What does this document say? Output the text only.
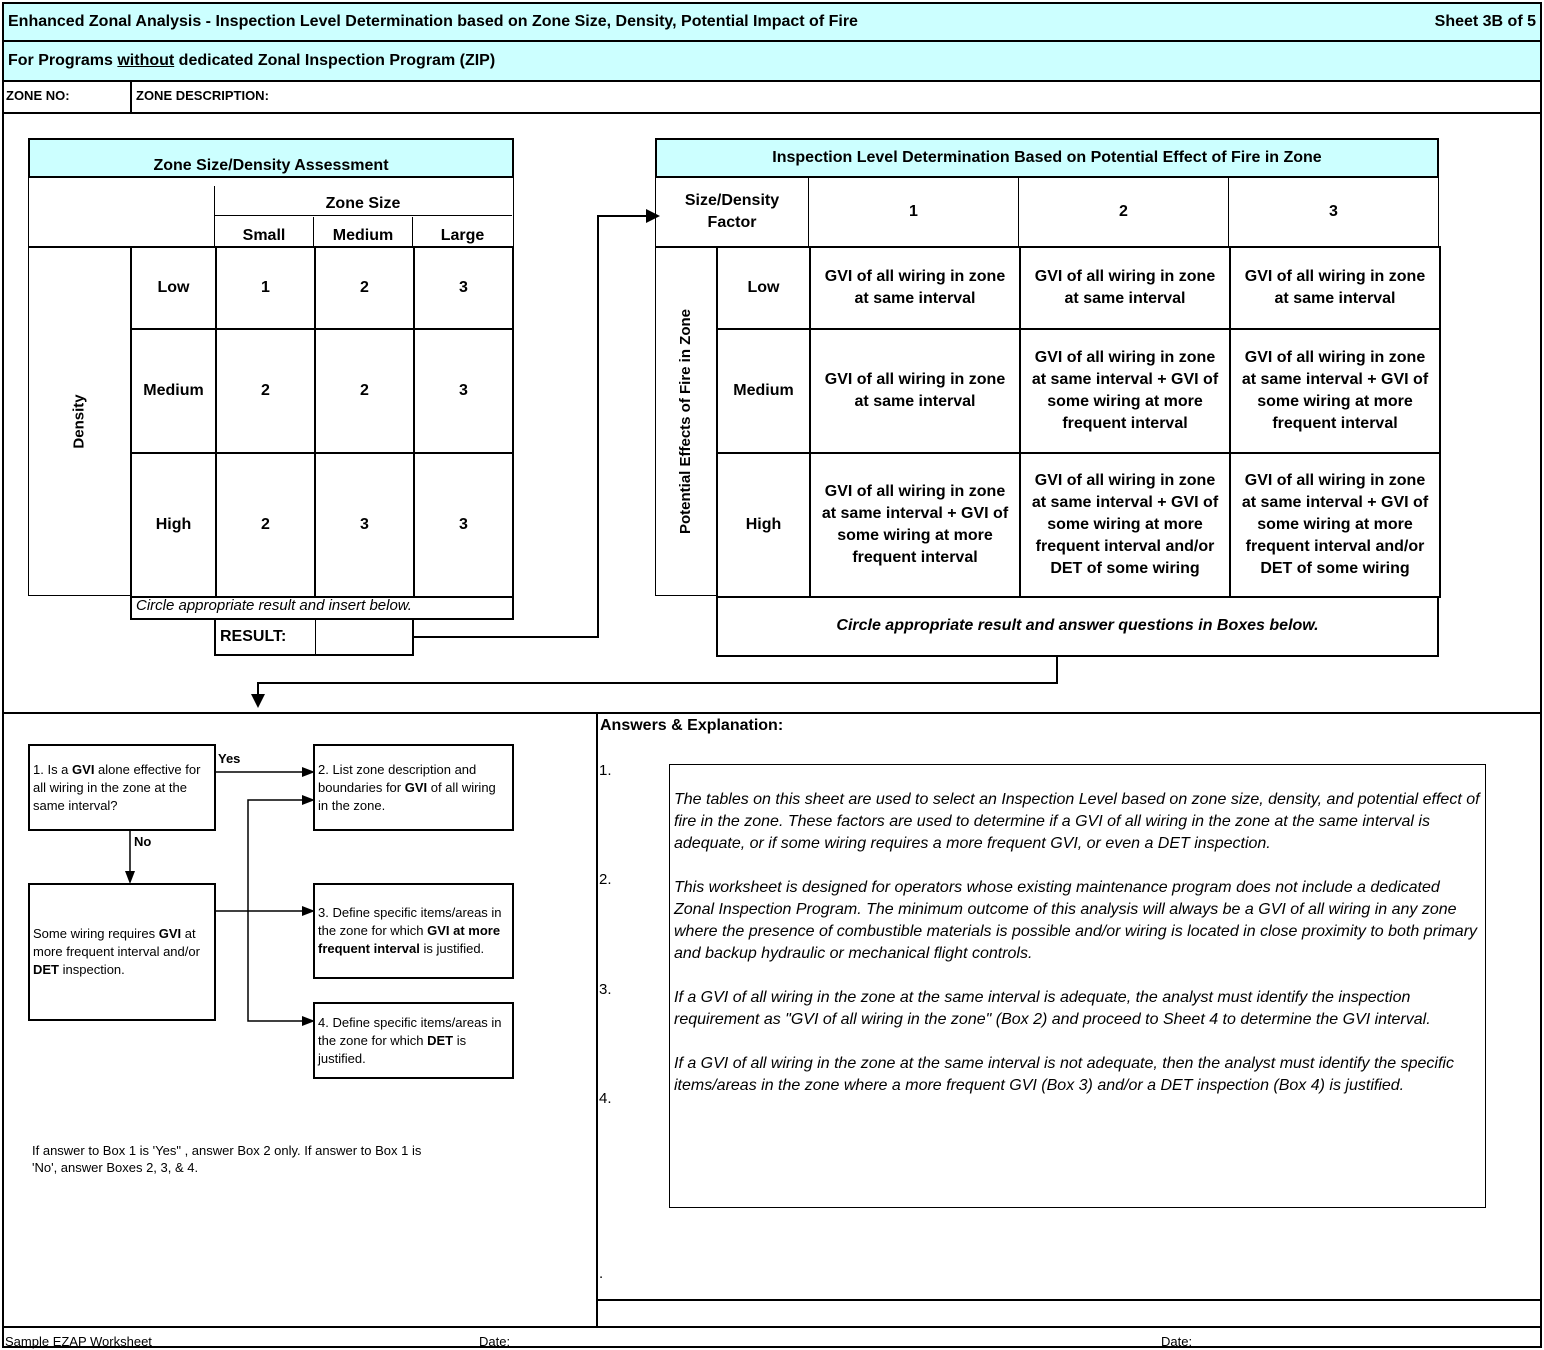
Enhanced Zonal Analysis - Inspection Level Determination based on Zone Size, Density, Potential Impact of Fire	Sheet 3B of 5
For Programs without dedicated Zonal Inspection Program (ZIP)
ZONE NO:	ZONE DESCRIPTION:
Zone Size/Density Assessment
Zone Size
Small	Medium	Large
Density
Low	1	2	3
Medium	2	2	3
High	2	3	3
Circle appropriate result and insert below.
RESULT:
Inspection Level Determination Based on Potential Effect of Fire in Zone
Size/Density Factor
1	2	3
Potential Effects of Fire in Zone
Low	GVI of all wiring in zone at same interval	GVI of all wiring in zone at same interval	GVI of all wiring in zone at same interval
Medium	GVI of all wiring in zone at same interval	GVI of all wiring in zone at same interval + GVI of some wiring at more frequent interval	GVI of all wiring in zone at same interval + GVI of some wiring at more frequent interval
High	GVI of all wiring in zone at same interval + GVI of some wiring at more frequent interval	GVI of all wiring in zone at same interval + GVI of some wiring at more frequent interval and/or DET of some wiring	GVI of all wiring in zone at same interval + GVI of some wiring at more frequent interval and/or DET of some wiring
Circle appropriate result and answer questions in Boxes below.
Yes
No
1. Is a GVI alone effective for all wiring in the zone at the same interval?
2. List zone description and boundaries for GVI of all wiring in the zone.
Some wiring requires GVI at more frequent interval and/or DET inspection.
3. Define specific items/areas in the zone for which GVI at more frequent interval is justified.
4. Define specific items/areas in the zone for which DET is justified.
If answer to Box 1 is 'Yes" , answer Box 2 only. If answer to Box 1 is 'No', answer Boxes 2, 3, & 4.
Answers & Explanation:
1.
2.
3.
4.
.

The tables on this sheet are used to select an Inspection Level based on zone size, density, and potential effect of fire in the zone. These factors are used to determine if a GVI of all wiring in the zone at the same interval is adequate, or if some wiring requires a more frequent GVI, or even a DET inspection.

This worksheet is designed for operators whose existing maintenance program does not include a dedicated Zonal Inspection Program. The minimum outcome of this analysis will always be a GVI of all wiring in any zone where the presence of combustible materials is possible and/or wiring is located in close proximity to both primary and backup hydraulic or mechanical flight controls.

If a GVI of all wiring in the zone at the same interval is adequate, the analyst must identify the inspection requirement as "GVI of all wiring in the zone" (Box 2) and proceed to Sheet 4 to determine the GVI interval.

If a GVI of all wiring in the zone at the same interval is not adequate, then the analyst must identify the specific items/areas in the zone where a more frequent GVI (Box 3) and/or a DET inspection (Box 4) is justified.

Sample EZAP Worksheet	Date:	Date:
